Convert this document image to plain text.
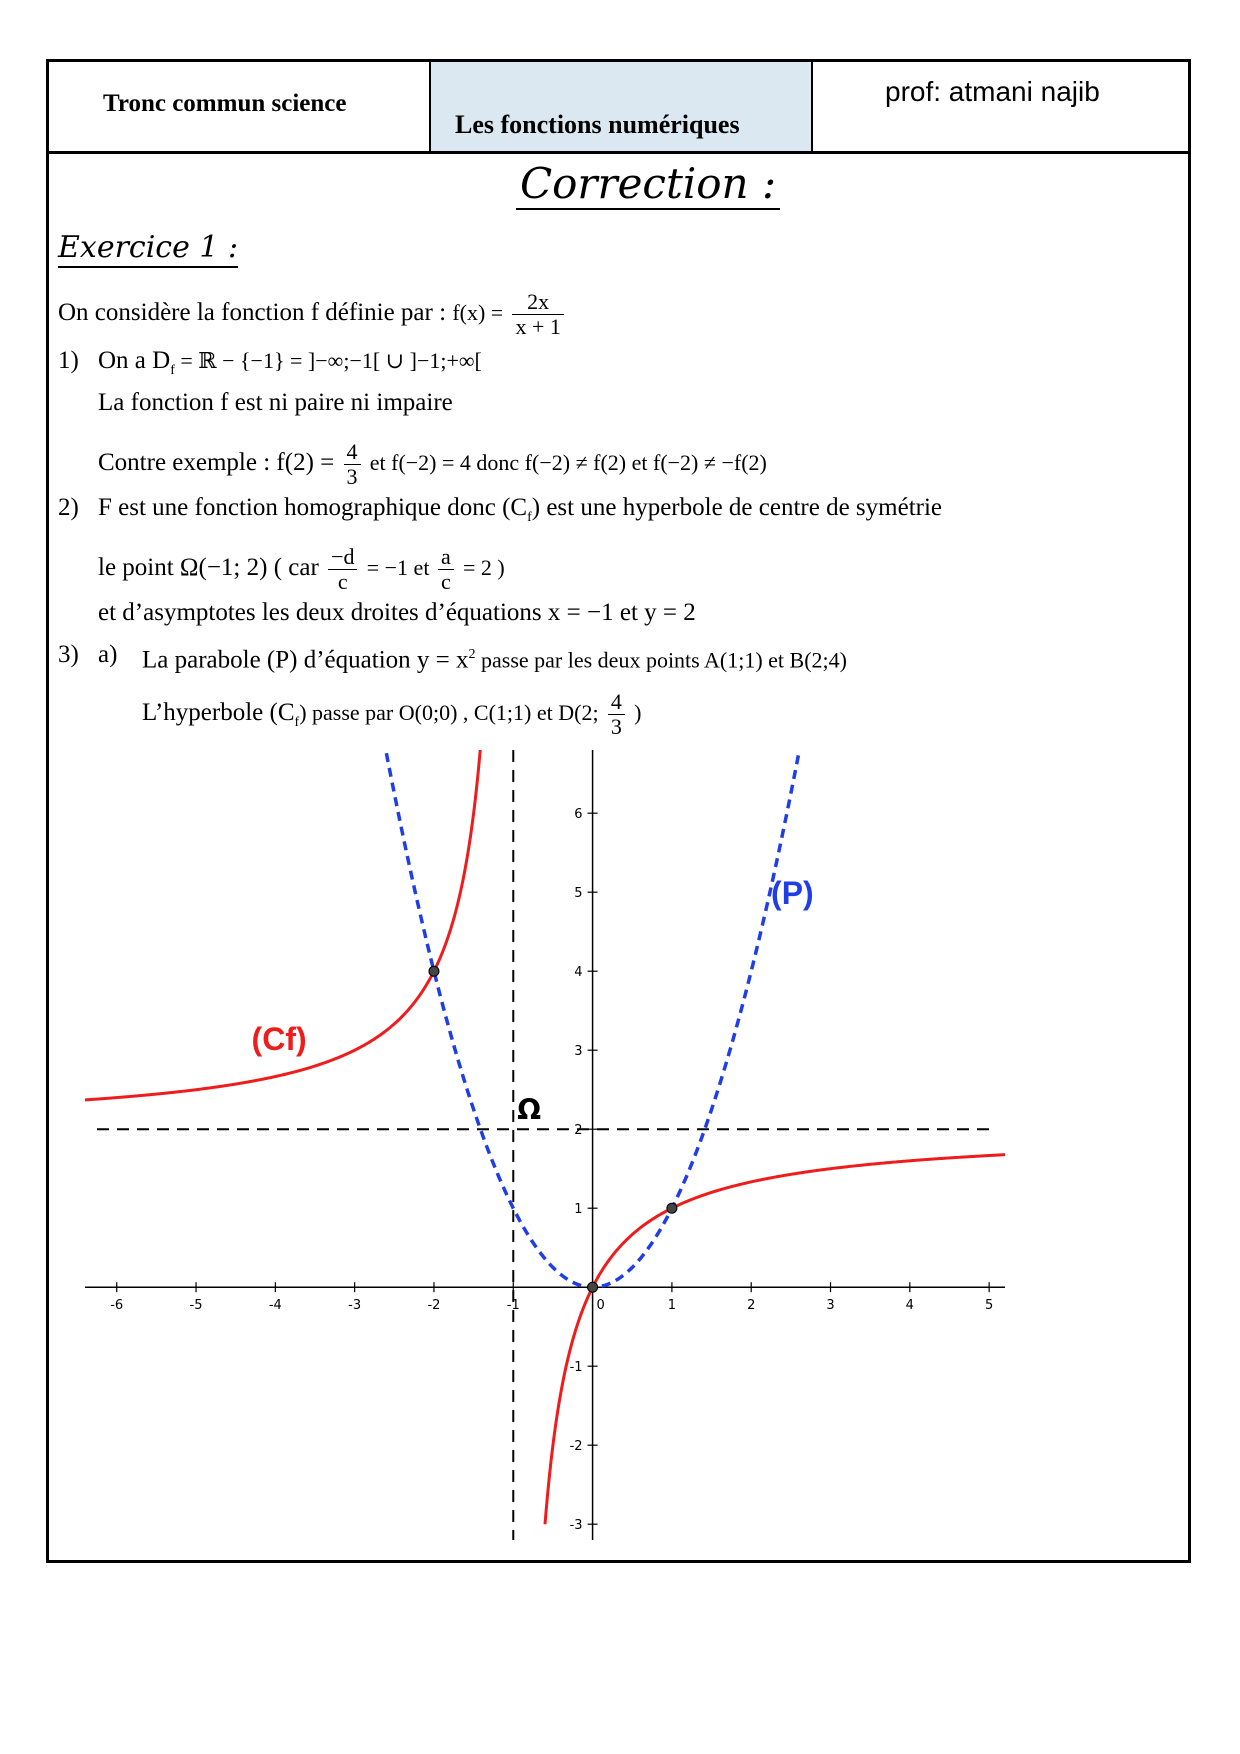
Tronc commun science
Les fonctions numériques
prof: atmani najib
Correction :
Exercice 1 :
On considère la fonction f définie par : $f(x) = \frac{2x}{x + 1}$
1) On a $D_f$ = ℝ − {−1} = ]−∞;−1[ ∪ ]−1;+∞[
La fonction f est ni paire ni impaire
Contre exemple : $f(2) = \frac{4}{3}$ et f(−2) = 4 donc f(−2) ≠ f(2) et f(−2) ≠ −f(2)
2) F est une fonction homographique donc $(C_f)$ est une hyperbole de centre de symétrie
le point Ω(−1; 2) ( car $\frac{-d}{c} = -1$ et $\frac{a}{c} = 2$ )
et d’asymptotes les deux droites d’équations x = −1 et y = 2
3) a) La parabole (P) d’équation $y = x^2$ passe par les deux points A(1;1) et B(2;4)
L’hyperbole $(C_f)$ passe par O(0;0) , C(1;1) et D(2; $\frac{4}{3}$ )
-6	-5	-4	-3	-2	-1	0	1	2	3	4	5
-3
-2
-1
1
2
3
4
5
6
(Cf)
(P)
Ω
